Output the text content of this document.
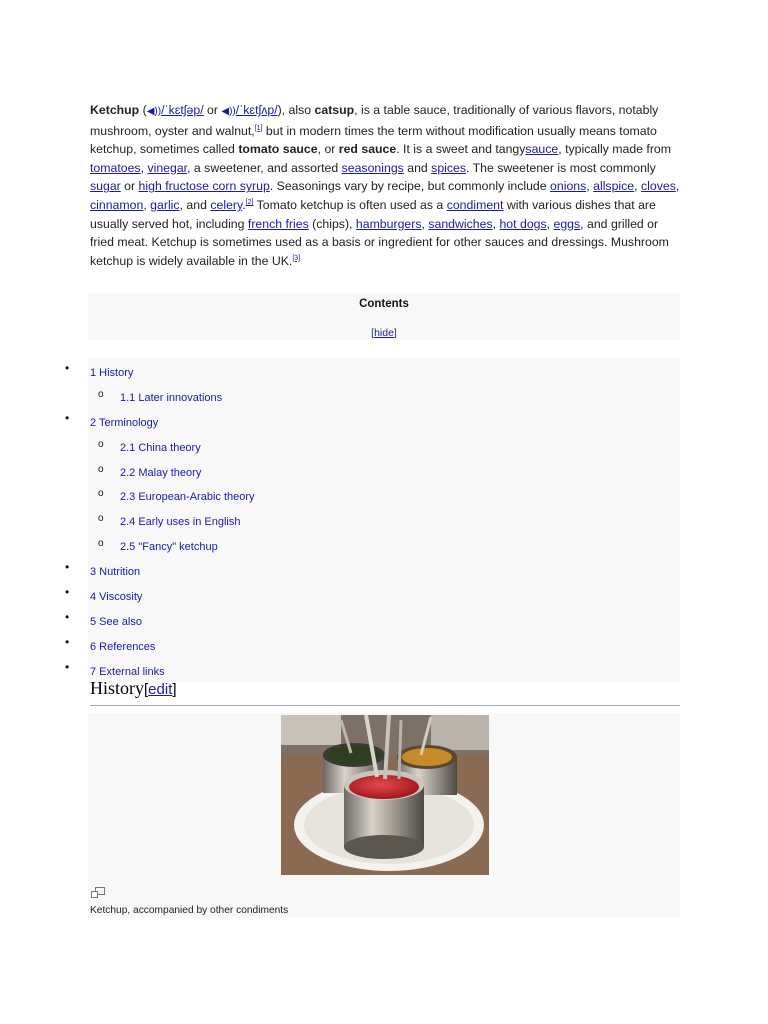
Ketchup (◀))/ˈkɛtʃəp/ or ◀))/ˈkɛtʃʌp/), also catsup, is a table sauce, traditionally of various flavors, notably mushroom, oyster and walnut,[1] but in modern times the term without modification usually means tomato ketchup, sometimes called tomato sauce, or red sauce. It is a sweet and tangysauce, typically made from tomatoes, vinegar, a sweetener, and assorted seasonings and spices. The sweetener is most commonly sugar or high fructose corn syrup. Seasonings vary by recipe, but commonly include onions, allspice, cloves, cinnamon, garlic, and celery.[2] Tomato ketchup is often used as a condiment with various dishes that are usually served hot, including french fries (chips), hamburgers, sandwiches, hot dogs, eggs, and grilled or fried meat. Ketchup is sometimes used as a basis or ingredient for other sauces and dressings. Mushroom ketchup is widely available in the UK.[3]
Contents
[hide]
• 1 History
o 1.1 Later innovations
• 2 Terminology
o 2.1 China theory
o 2.2 Malay theory
o 2.3 European-Arabic theory
o 2.4 Early uses in English
o 2.5 "Fancy" ketchup
• 3 Nutrition
• 4 Viscosity
• 5 See also
• 6 References
• 7 External links
History[edit]
Ketchup, accompanied by other condiments
